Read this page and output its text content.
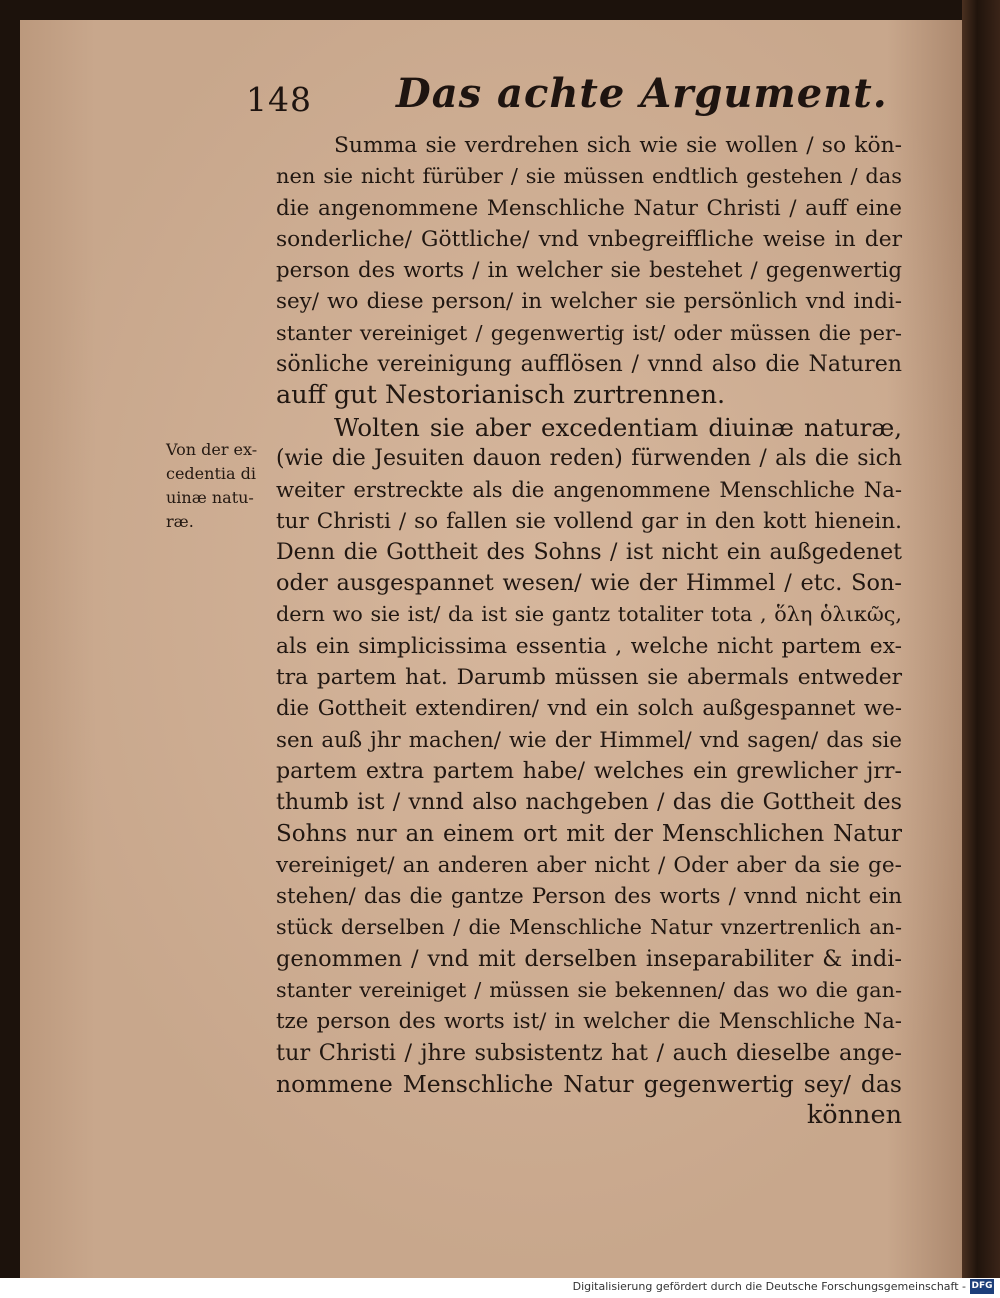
148 Das achte Argument.
Von der ex-
cedentia di
uinæ natu-
ræ.
Summa sie verdrehen sich wie sie wollen / so kön-
nen sie nicht fürüber / sie müssen endtlich gestehen / das
die angenommene Menschliche Natur Christi / auff eine
sonderliche/ Göttliche/ vnd vnbegreiffliche weise in der
person des worts / in welcher sie bestehet / gegenwertig
sey/ wo diese person/ in welcher sie persönlich vnd indi-
stanter vereiniget / gegenwertig ist/ oder müssen die per-
sönliche vereinigung aufflösen / vnnd also die Naturen
auff gut Nestorianisch zurtrennen.
Wolten sie aber excedentiam diuinæ naturæ,
(wie die Jesuiten dauon reden) fürwenden / als die sich
weiter erstreckte als die angenommene Menschliche Na-
tur Christi / so fallen sie vollend gar in den kott hienein.
Denn die Gottheit des Sohns / ist nicht ein außgedenet
oder ausgespannet wesen/ wie der Himmel / etc. Son-
dern wo sie ist/ da ist sie gantz totaliter tota , ὅλη ὁλικῶς,
als ein simplicissima essentia , welche nicht partem ex-
tra partem hat. Darumb müssen sie abermals entweder
die Gottheit extendiren/ vnd ein solch außgespannet we-
sen auß jhr machen/ wie der Himmel/ vnd sagen/ das sie
partem extra partem habe/ welches ein grewlicher jrr-
thumb ist / vnnd also nachgeben / das die Gottheit des
Sohns nur an einem ort mit der Menschlichen Natur
vereiniget/ an anderen aber nicht / Oder aber da sie ge-
stehen/ das die gantze Person des worts / vnnd nicht ein
stück derselben / die Menschliche Natur vnzertrenlich an-
genommen / vnd mit derselben inseparabiliter & indi-
stanter vereiniget / müssen sie bekennen/ das wo die gan-
tze person des worts ist/ in welcher die Menschliche Na-
tur Christi / jhre subsistentz hat / auch dieselbe ange-
nommene Menschliche Natur gegenwertig sey/ das
können
Digitalisierung gefördert durch die Deutsche Forschungsgemeinschaft - DFG
